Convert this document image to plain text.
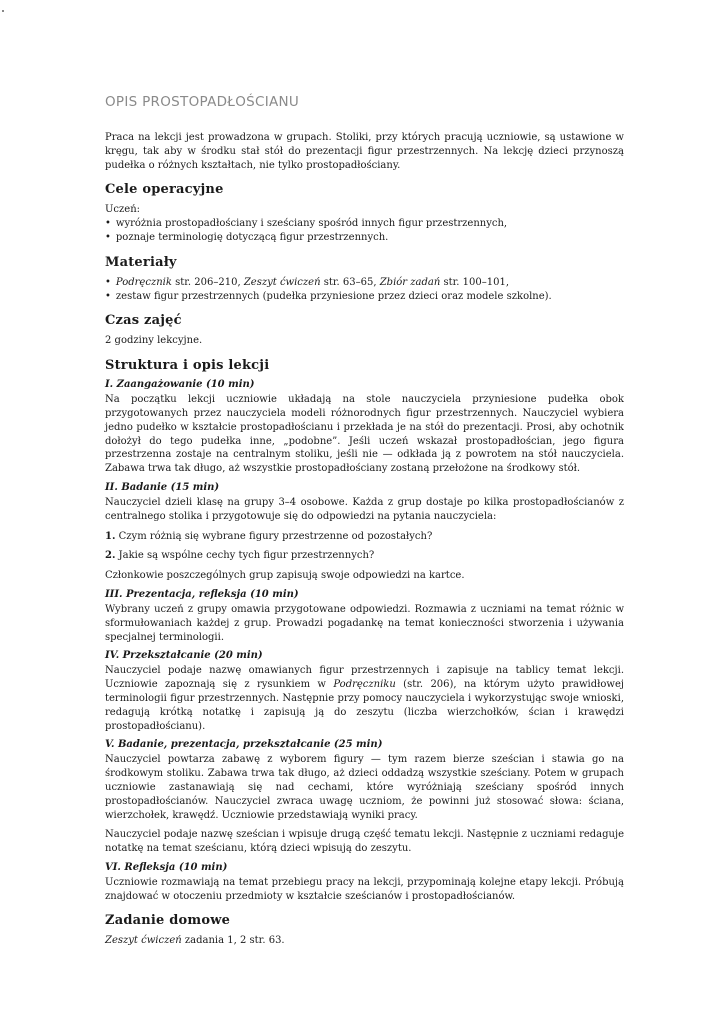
OPIS PROSTOPADŁOŚCIANU

Praca na lekcji jest prowadzona w grupach. Stoliki, przy których pracują uczniowie, są ustawione w kręgu, tak aby w środku stał stół do prezentacji figur przestrzennych. Na lekcję dzieci przynoszą pudełka o różnych kształtach, nie tylko prostopadłościany.

Cele operacyjne

Uczeń:

• wyróżnia prostopadłościany i sześciany spośród innych figur przestrzennych,
• poznaje terminologię dotyczącą figur przestrzennych.
Materiały
• Podręcznik str. 206–210, Zeszyt ćwiczeń str. 63–65, Zbiór zadań str. 100–101,
• zestaw figur przestrzennych (pudełka przyniesione przez dzieci oraz modele szkolne).
Czas zajęć

2 godziny lekcyjne.

Struktura i opis lekcji
I. Zaangażowanie (10 min)

Na początku lekcji uczniowie układają na stole nauczyciela przyniesione pudełka obok przygotowanych przez nauczyciela modeli różnorodnych figur przestrzennych. Nauczyciel wybiera jedno pudełko w kształcie prostopadłościanu i przekłada je na stół do prezentacji. Prosi, aby ochotnik dołożył do tego pudełka inne, „podobne”. Jeśli uczeń wskazał prostopadłościan, jego figura przestrzenna zostaje na centralnym stoliku, jeśli nie — odkłada ją z powrotem na stół nauczyciela. Zabawa trwa tak długo, aż wszystkie prostopadłościany zostaną przełożone na środkowy stół.

II. Badanie (15 min)

Nauczyciel dzieli klasę na grupy 3–4 osobowe. Każda z grup dostaje po kilka prostopadłościanów z centralnego stolika i przygotowuje się do odpowiedzi na pytania nauczyciela:

1. Czym różnią się wybrane figury przestrzenne od pozostałych?

2. Jakie są wspólne cechy tych figur przestrzennych?

Członkowie poszczególnych grup zapisują swoje odpowiedzi na kartce.

III. Prezentacja, refleksja (10 min)

Wybrany uczeń z grupy omawia przygotowane odpowiedzi. Rozmawia z uczniami na temat różnic w sformułowaniach każdej z grup. Prowadzi pogadankę na temat konieczności stworzenia i używania specjalnej terminologii.

IV. Przekształcanie (20 min)

Nauczyciel podaje nazwę omawianych figur przestrzennych i zapisuje na tablicy temat lekcji. Uczniowie zapoznają się z rysunkiem w Podręczniku (str. 206), na którym użyto prawidłowej terminologii figur przestrzennych. Następnie przy pomocy nauczyciela i wykorzystując swoje wnioski, redagują krótką notatkę i zapisują ją do zeszytu (liczba wierzchołków, ścian i krawędzi prostopadłościanu).

V. Badanie, prezentacja, przekształcanie (25 min)

Nauczyciel powtarza zabawę z wyborem figury — tym razem bierze sześcian i stawia go na środkowym stoliku. Zabawa trwa tak długo, aż dzieci oddadzą wszystkie sześciany. Potem w grupach uczniowie zastanawiają się nad cechami, które wyróżniają sześciany spośród innych prostopadłościanów. Nauczyciel zwraca uwagę uczniom, że powinni już stosować słowa: ściana, wierzchołek, krawędź. Uczniowie przedstawiają wyniki pracy.

Nauczyciel podaje nazwę sześcian i wpisuje drugą część tematu lekcji. Następnie z uczniami redaguje notatkę na temat sześcianu, którą dzieci wpisują do zeszytu.

VI. Refleksja (10 min)

Uczniowie rozmawiają na temat przebiegu pracy na lekcji, przypominają kolejne etapy lekcji. Próbują znajdować w otoczeniu przedmioty w kształcie sześcianów i prostopadłościanów.

Zadanie domowe

Zeszyt ćwiczeń zadania 1, 2 str. 63.
